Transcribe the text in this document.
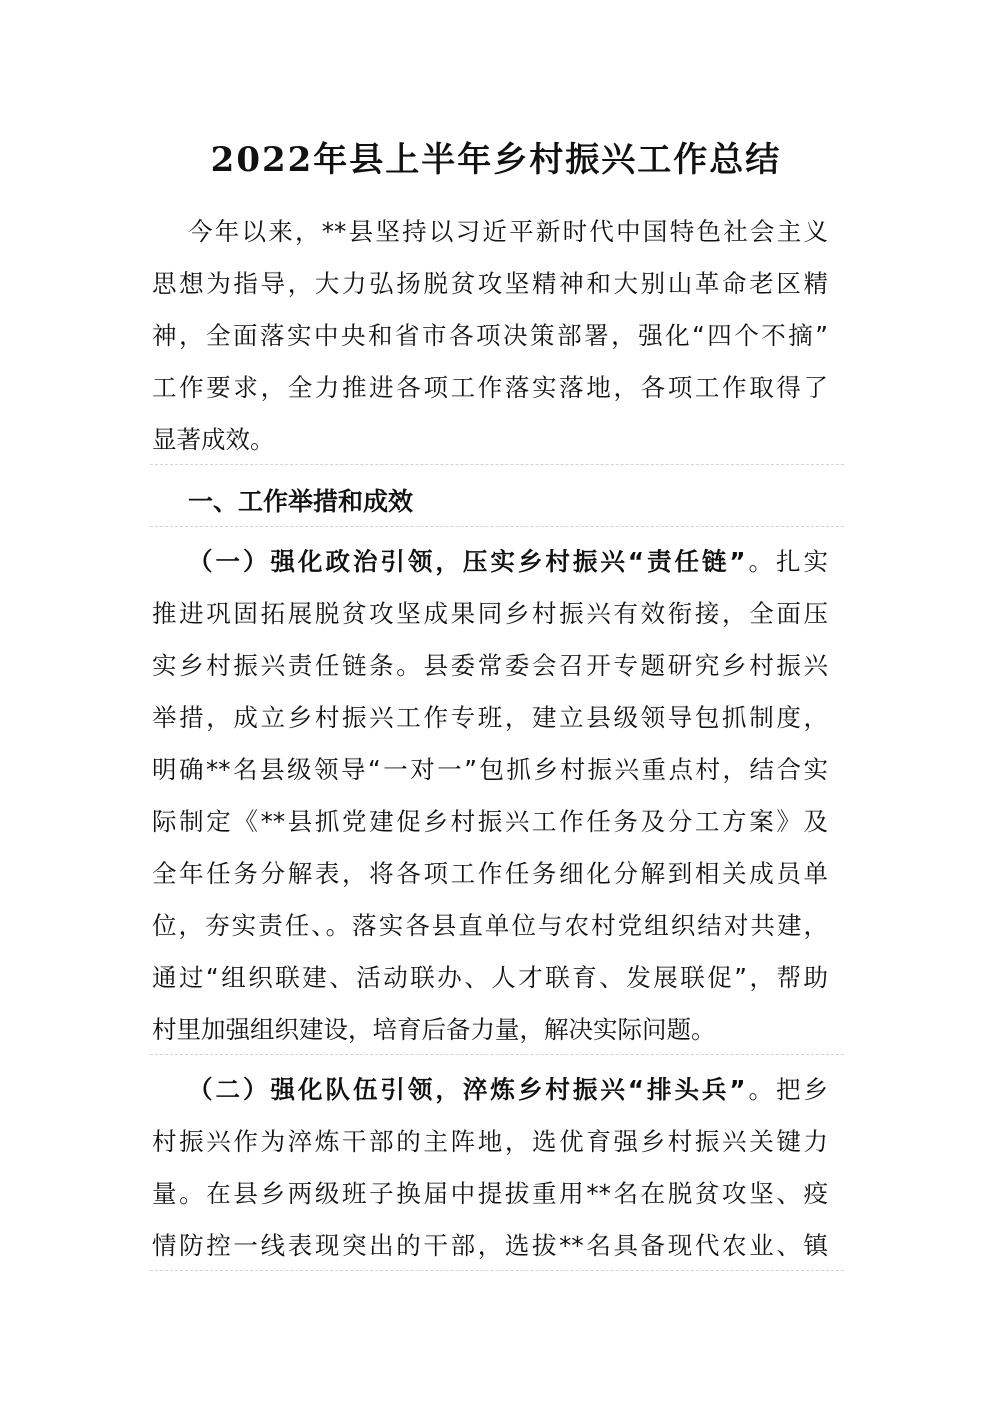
2022年县上半年乡村振兴工作总结

今年以来，**县坚持以习近平新时代中国特色社会主义

思想为指导，大力弘扬脱贫攻坚精神和大别山革命老区精

神，全面落实中央和省市各项决策部署，强化“四个不摘”

工作要求，全力推进各项工作落实落地，各项工作取得了

显著成效。

一、工作举措和成效

（一）强化政治引领，压实乡村振兴“责任链”。扎实

推进巩固拓展脱贫攻坚成果同乡村振兴有效衔接，全面压

实乡村振兴责任链条。县委常委会召开专题研究乡村振兴

举措，成立乡村振兴工作专班，建立县级领导包抓制度，

明确**名县级领导“一对一”包抓乡村振兴重点村，结合实

际制定《**县抓党建促乡村振兴工作任务及分工方案》及

全年任务分解表，将各项工作任务细化分解到相关成员单

位，夯实责任、。落实各县直单位与农村党组织结对共建，

通过“组织联建、活动联办、人才联育、发展联促”，帮助

村里加强组织建设，培育后备力量，解决实际问题。

（二）强化队伍引领，淬炼乡村振兴“排头兵”。把乡

村振兴作为淬炼干部的主阵地，选优育强乡村振兴关键力

量。在县乡两级班子换届中提拔重用**名在脱贫攻坚、疫

情防控一线表现突出的干部，选拔**名具备现代农业、镇
